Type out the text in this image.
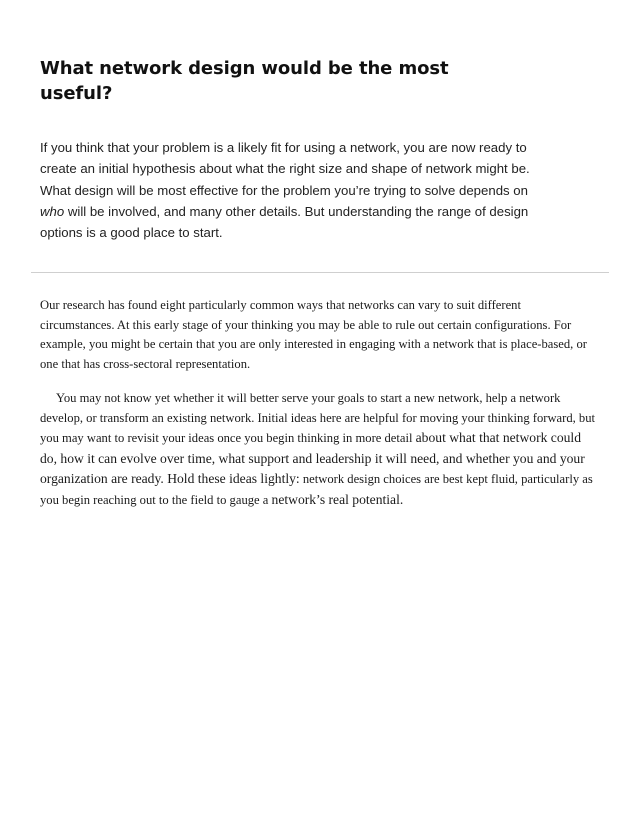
What network design would be the most useful?

If you think that your problem is a likely fit for using a network, you are now ready to create an initial hypothesis about what the right size and shape of network might be. What design will be most effective for the problem you’re trying to solve depends on who will be involved, and many other details. But understanding the range of design options is a good place to start.

Our research has found eight particularly common ways that networks can vary to suit different circumstances. At this early stage of your thinking you may be able to rule out certain configurations. For example, you might be certain that you are only interested in engaging with a network that is place-based, or one that has cross-sectoral representation.

You may not know yet whether it will better serve your goals to start a new network, help a network develop, or transform an existing network. Initial ideas here are helpful for moving your thinking forward, but you may want to revisit your ideas once you begin thinking in more detail about what that network could do, how it can evolve over time, what support and leadership it will need, and whether you and your organization are ready. Hold these ideas lightly: network design choices are best kept fluid, particularly as you begin reaching out to the field to gauge a network’s real potential.
